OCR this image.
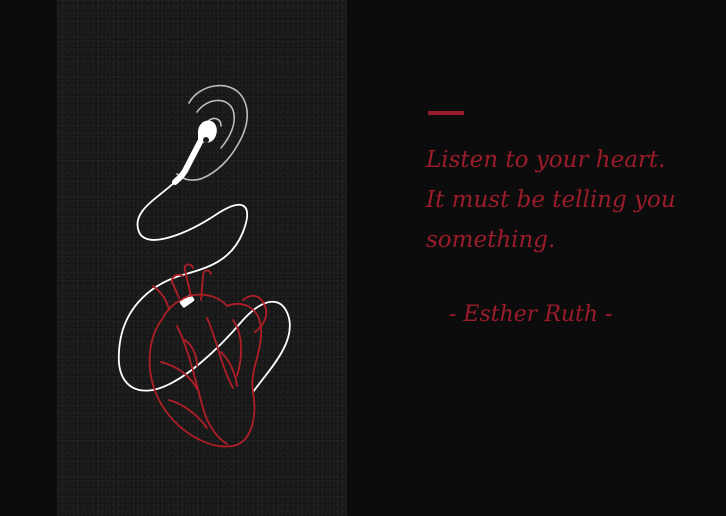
Listen to your heart.
It must be telling you
something.

- Esther Ruth -
